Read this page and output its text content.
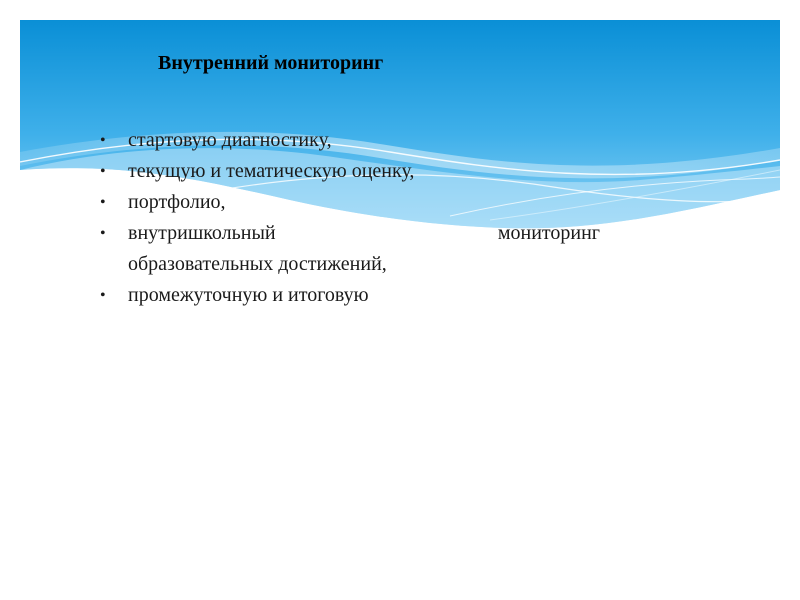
Внутренний мониторинг
•	стартовую диагностику,
•	текущую и тематическую оценку,
•	портфолио,
•	внутришкольный мониторинг
образовательных достижений,
•	промежуточную и итоговую
